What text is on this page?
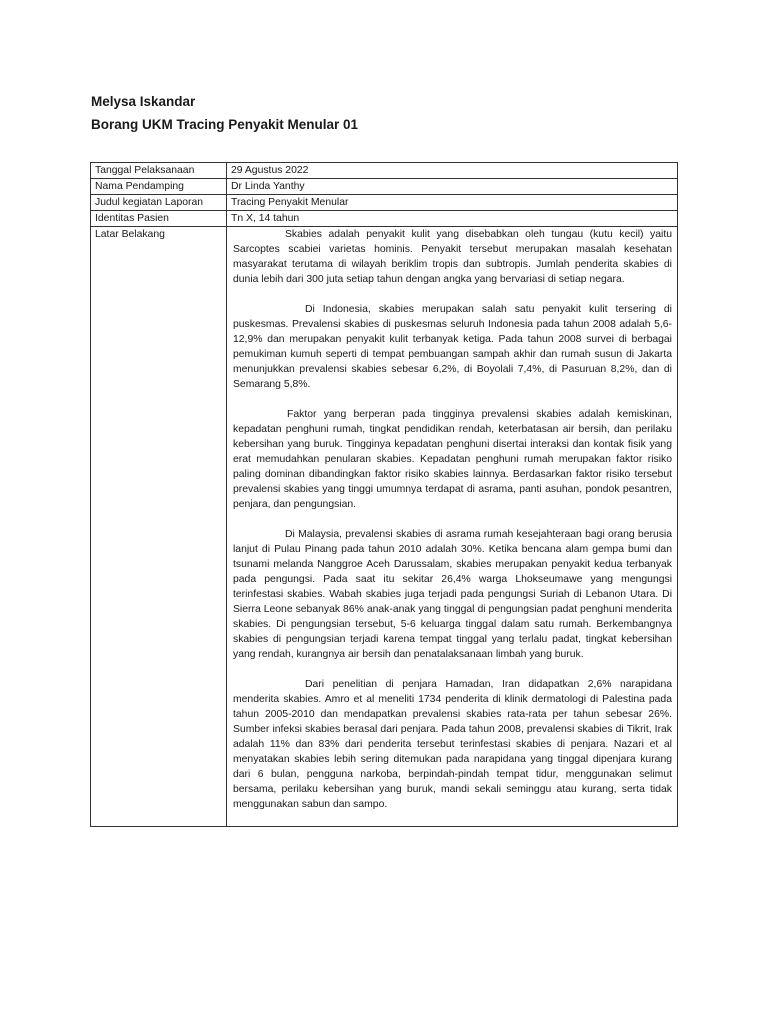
Melysa Iskandar
Borang UKM Tracing Penyakit Menular 01
Tanggal Pelaksanaan	29 Agustus 2022
Nama Pendamping	Dr Linda Yanthy
Judul kegiatan Laporan	Tracing Penyakit Menular
Identitas Pasien	Tn X, 14 tahun
Latar Belakang	Skabies adalah penyakit kulit yang disebabkan oleh tungau (kutu kecil) yaitu Sarcoptes scabiei varietas hominis. Penyakit tersebut merupakan masalah kesehatan masyarakat terutama di wilayah beriklim tropis dan subtropis. Jumlah penderita skabies di dunia lebih dari 300 juta setiap tahun dengan angka yang bervariasi di setiap negara.

Di Indonesia, skabies merupakan salah satu penyakit kulit tersering di puskesmas. Prevalensi skabies di puskesmas seluruh Indonesia pada tahun 2008 adalah 5,6-12,9% dan merupakan penyakit kulit terbanyak ketiga. Pada tahun 2008 survei di berbagai pemukiman kumuh seperti di tempat pembuangan sampah akhir dan rumah susun di Jakarta menunjukkan prevalensi skabies sebesar 6,2%, di Boyolali 7,4%, di Pasuruan 8,2%, dan di Semarang 5,8%.

Faktor yang berperan pada tingginya prevalensi skabies adalah kemiskinan, kepadatan penghuni rumah, tingkat pendidikan rendah, keterbatasan air bersih, dan perilaku kebersihan yang buruk. Tingginya kepadatan penghuni disertai interaksi dan kontak fisik yang erat memudahkan penularan skabies. Kepadatan penghuni rumah merupakan faktor risiko paling dominan dibandingkan faktor risiko skabies lainnya. Berdasarkan faktor risiko tersebut prevalensi skabies yang tinggi umumnya terdapat di asrama, panti asuhan, pondok pesantren, penjara, dan pengungsian.

Di Malaysia, prevalensi skabies di asrama rumah kesejahteraan bagi orang berusia lanjut di Pulau Pinang pada tahun 2010 adalah 30%. Ketika bencana alam gempa bumi dan tsunami melanda Nanggroe Aceh Darussalam, skabies merupakan penyakit kedua terbanyak pada pengungsi. Pada saat itu sekitar 26,4% warga Lhokseumawe yang mengungsi terinfestasi skabies. Wabah skabies juga terjadi pada pengungsi Suriah di Lebanon Utara. Di Sierra Leone sebanyak 86% anak-anak yang tinggal di pengungsian padat penghuni menderita skabies. Di pengungsian tersebut, 5-6 keluarga tinggal dalam satu rumah. Berkembangnya skabies di pengungsian terjadi karena tempat tinggal yang terlalu padat, tingkat kebersihan yang rendah, kurangnya air bersih dan penatalaksanaan limbah yang buruk.

Dari penelitian di penjara Hamadan, Iran didapatkan 2,6% narapidana menderita skabies. Amro et al meneliti 1734 penderita di klinik dermatologi di Palestina pada tahun 2005-2010 dan mendapatkan prevalensi skabies rata-rata per tahun sebesar 26%. Sumber infeksi skabies berasal dari penjara. Pada tahun 2008, prevalensi skabies di Tikrit, Irak adalah 11% dan 83% dari penderita tersebut terinfestasi skabies di penjara. Nazari et al menyatakan skabies lebih sering ditemukan pada narapidana yang tinggal dipenjara kurang dari 6 bulan, pengguna narkoba, berpindah-pindah tempat tidur, menggunakan selimut bersama, perilaku kebersihan yang buruk, mandi sekali seminggu atau kurang, serta tidak menggunakan sabun dan sampo.
